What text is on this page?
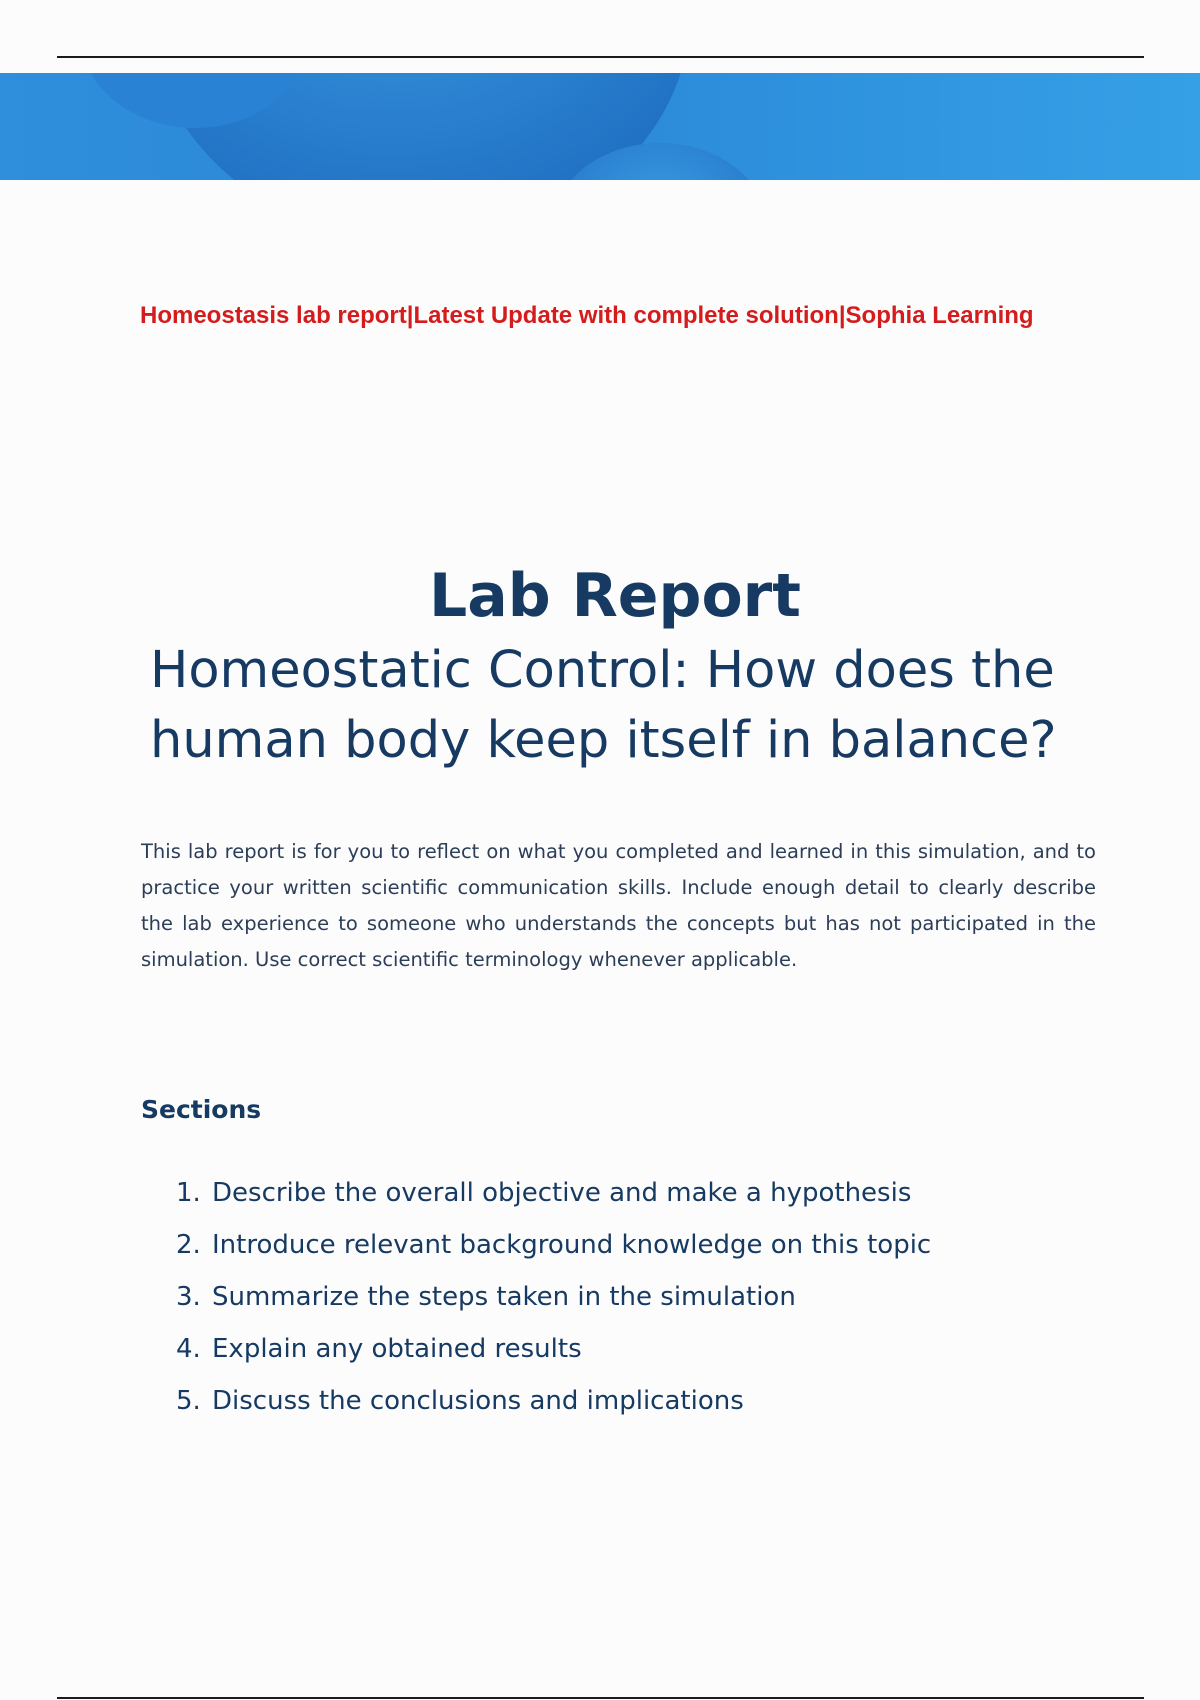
Homeostasis lab report|Latest Update with complete solution|Sophia Learning
Lab Report
Homeostatic Control: How does the human body keep itself in balance?

This lab report is for you to reﬂect on what you completed and learned in this simulation, and to practice your written scientiﬁc communication skills. Include enough detail to clearly describe the lab experience to someone who understands the concepts but has not participated in the simulation. Use correct scientiﬁc terminology whenever applicable.

Sections
1. Describe the overall objective and make a hypothesis
2. Introduce relevant background knowledge on this topic
3. Summarize the steps taken in the simulation
4. Explain any obtained results
5. Discuss the conclusions and implications
